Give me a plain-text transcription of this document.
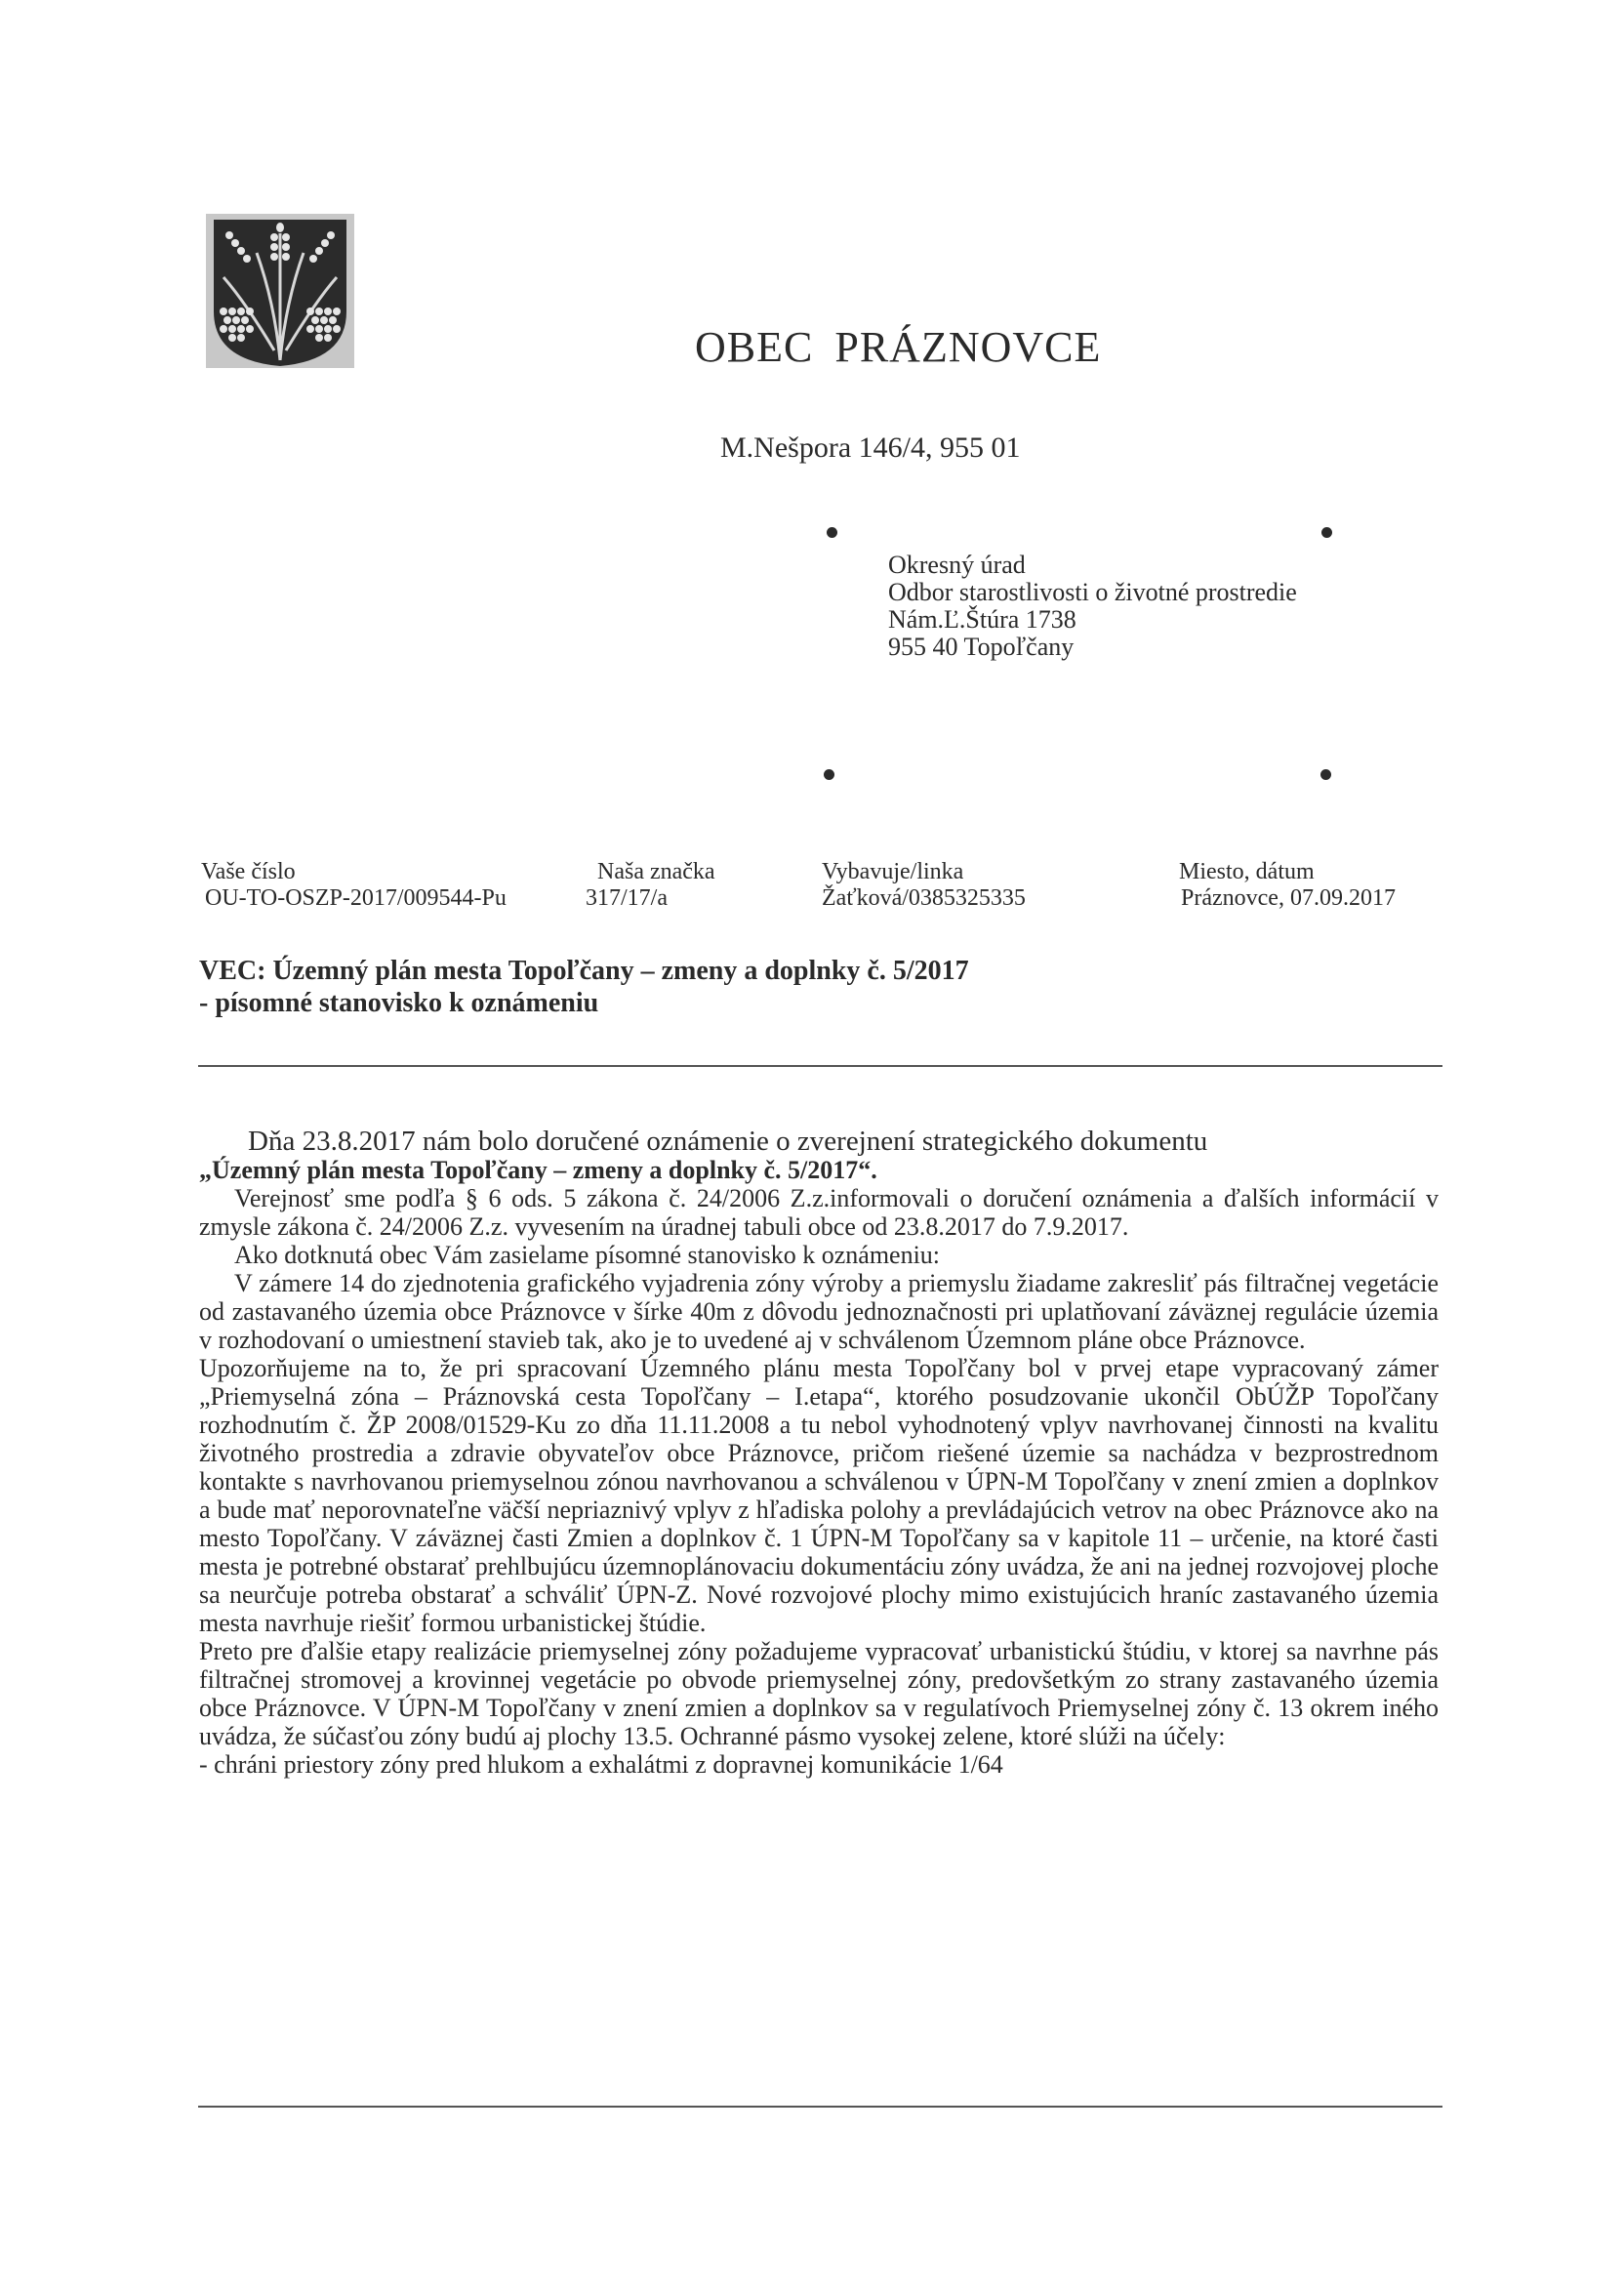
OBEC PRÁZNOVCE
M.Nešpora 146/4, 955 01
Okresný úrad
Odbor starostlivosti o životné prostredie
Nám.Ľ.Štúra 1738
955 40 Topoľčany
Vaše číslo
OU-TO-OSZP-2017/009544-Pu
Naša značka
317/17/a
Vybavuje/linka
Žaťková/0385325335
Miesto, dátum
Práznovce, 07.09.2017
VEC: Územný plán mesta Topoľčany – zmeny a doplnky č. 5/2017
- písomné stanovisko k oznámeniu

Dňa 23.8.2017 nám bolo doručené oznámenie o zverejnení strategického dokumentu

„Územný plán mesta Topoľčany – zmeny a doplnky č. 5/2017“.

Verejnosť sme podľa § 6 ods. 5 zákona č. 24/2006 Z.z.informovali o doručení oznámenia a ďalších informácií v zmysle zákona č. 24/2006 Z.z. vyvesením na úradnej tabuli obce od 23.8.2017 do 7.9.2017.

Ako dotknutá obec Vám zasielame písomné stanovisko k oznámeniu:

V zámere 14 do zjednotenia grafického vyjadrenia zóny výroby a priemyslu žiadame zakresliť pás filtračnej vegetácie od zastavaného územia obce Práznovce v šírke 40m z dôvodu jednoznačnosti pri uplatňovaní záväznej regulácie územia v rozhodovaní o umiestnení stavieb tak, ako je to uvedené aj v schválenom Územnom pláne obce Práznovce.

Upozorňujeme na to, že pri spracovaní Územného plánu mesta Topoľčany bol v prvej etape vypracovaný zámer „Priemyselná zóna – Práznovská cesta Topoľčany – I.etapa“, ktorého posudzovanie ukončil ObÚŽP Topoľčany rozhodnutím č. ŽP 2008/01529-Ku zo dňa 11.11.2008 a tu nebol vyhodnotený vplyv navrhovanej činnosti na kvalitu životného prostredia a zdravie obyvateľov obce Práznovce, pričom riešené územie sa nachádza v bezprostrednom kontakte s navrhovanou priemyselnou zónou navrhovanou a schválenou v ÚPN-M Topoľčany v znení zmien a doplnkov a bude mať neporovnateľne väčší nepriaznivý vplyv z hľadiska polohy a prevládajúcich vetrov na obec Práznovce ako na mesto Topoľčany. V záväznej časti Zmien a doplnkov č. 1 ÚPN-M Topoľčany sa v kapitole 11 – určenie, na ktoré časti mesta je potrebné obstarať prehlbujúcu územnoplánovaciu dokumentáciu zóny uvádza, že ani na jednej rozvojovej ploche sa neurčuje potreba obstarať a schváliť ÚPN-Z. Nové rozvojové plochy mimo existujúcich hraníc zastavaného územia mesta navrhuje riešiť formou urbanistickej štúdie.

Preto pre ďalšie etapy realizácie priemyselnej zóny požadujeme vypracovať urbanistickú štúdiu, v ktorej sa navrhne pás filtračnej stromovej a krovinnej vegetácie po obvode priemyselnej zóny, predovšetkým zo strany zastavaného územia obce Práznovce. V ÚPN-M Topoľčany v znení zmien a doplnkov sa v regulatívoch Priemyselnej zóny č. 13 okrem iného uvádza, že súčasťou zóny budú aj plochy 13.5. Ochranné pásmo vysokej zelene, ktoré slúži na účely:

- chráni priestory zóny pred hlukom a exhalátmi z dopravnej komunikácie 1/64
